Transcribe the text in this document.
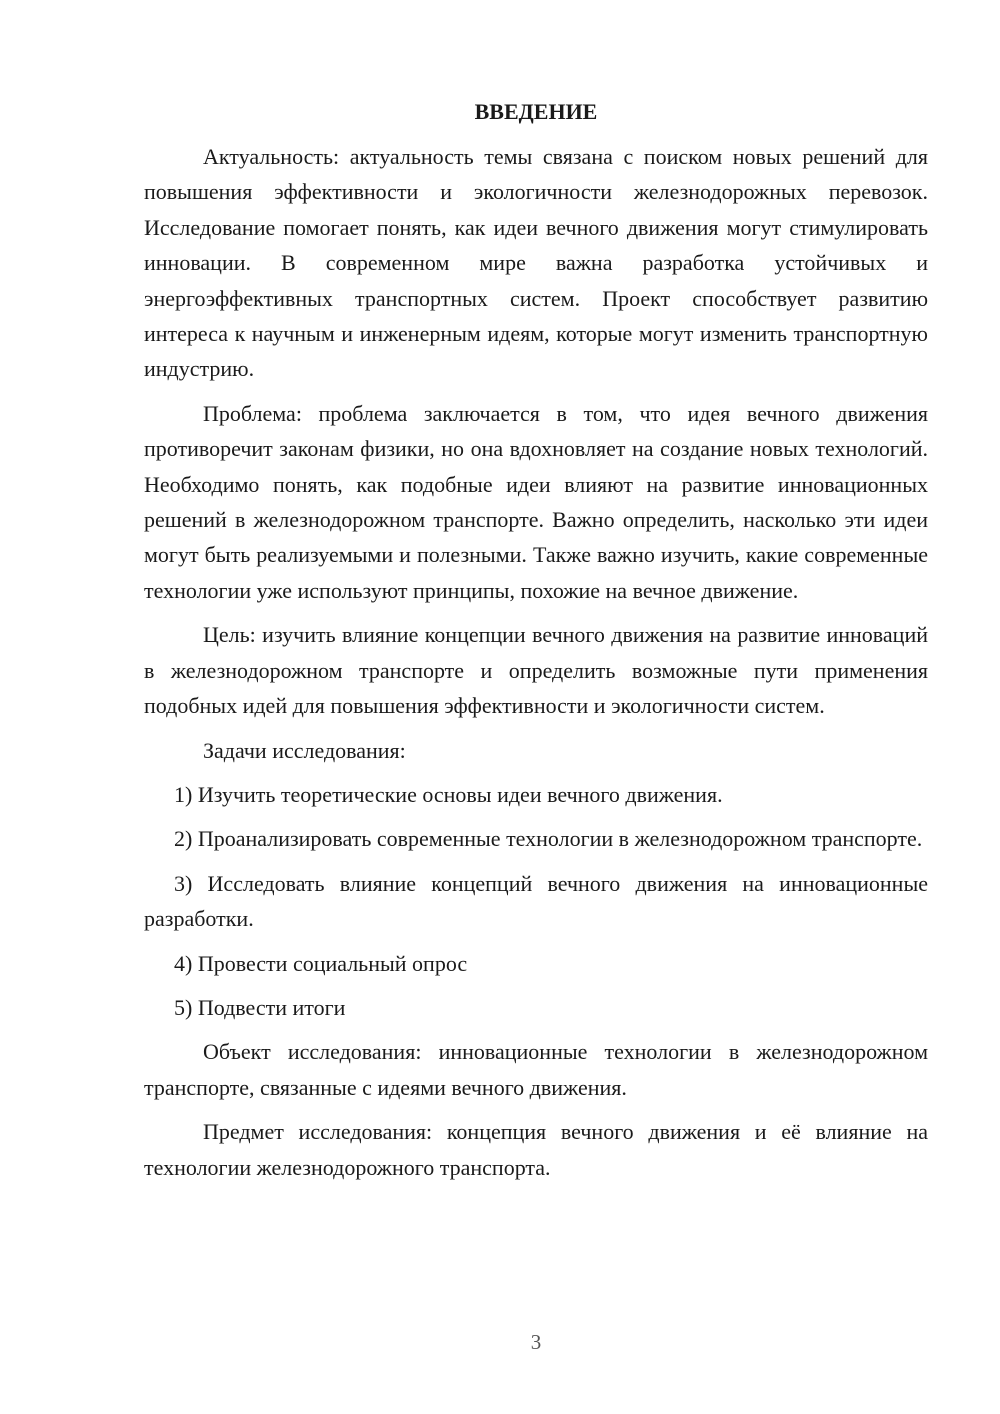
ВВЕДЕНИЕ

Актуальность: актуальность темы связана с поиском новых решений для повышения эффективности и экологичности железнодорожных перевозок. Исследование помогает понять, как идеи вечного движения могут стимулировать инновации. В современном мире важна разработка устойчивых и энергоэффективных транспортных систем. Проект способствует развитию интереса к научным и инженерным идеям, которые могут изменить транспортную индустрию.

Проблема: проблема заключается в том, что идея вечного движения противоречит законам физики, но она вдохновляет на создание новых технологий. Необходимо понять, как подобные идеи влияют на развитие инновационных решений в железнодорожном транспорте. Важно определить, насколько эти идеи могут быть реализуемыми и полезными. Также важно изучить, какие современные технологии уже используют принципы, похожие на вечное движение.

Цель: изучить влияние концепции вечного движения на развитие инноваций в железнодорожном транспорте и определить возможные пути применения подобных идей для повышения эффективности и экологичности систем.

Задачи исследования:

1) Изучить теоретические основы идеи вечного движения.

2) Проанализировать современные технологии в железнодорожном транспорте.

3) Исследовать влияние концепций вечного движения на инновационные разработки.

4) Провести социальный опрос

5) Подвести итоги

Объект исследования: инновационные технологии в железнодорожном транспорте, связанные с идеями вечного движения.

Предмет исследования: концепция вечного движения и её влияние на технологии железнодорожного транспорта.

3
